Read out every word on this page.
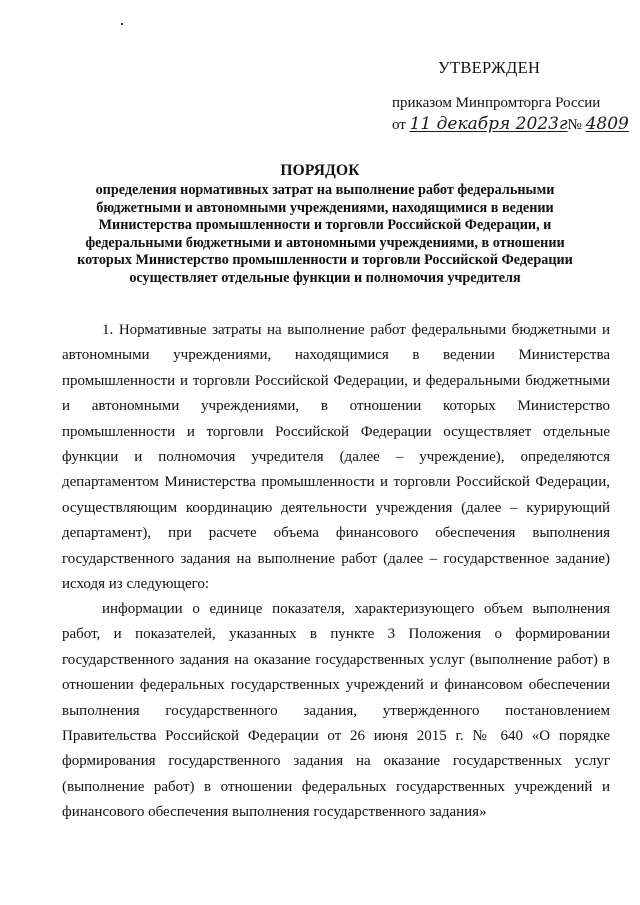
УТВЕРЖДЕН
приказом Минпромторга России
от 11 декабря 2023г№ 4809
ПОРЯДОК
определения нормативных затрат на выполнение работ федеральными бюджетными и автономными учреждениями, находящимися в ведении Министерства промышленности и торговли Российской Федерации, и федеральными бюджетными и автономными учреждениями, в отношении которых Министерство промышленности и торговли Российской Федерации осуществляет отдельные функции и полномочия учредителя
1. Нормативные затраты на выполнение работ федеральными бюджетными и автономными учреждениями, находящимися в ведении Министерства промышленности и торговли Российской Федерации, и федеральными бюджетными и автономными учреждениями, в отношении которых Министерство промышленности и торговли Российской Федерации осуществляет отдельные функции и полномочия учредителя (далее – учреждение), определяются департаментом Министерства промышленности и торговли Российской Федерации, осуществляющим координацию деятельности учреждения (далее – курирующий департамент), при расчете объема финансового обеспечения выполнения государственного задания на выполнение работ (далее – государственное задание) исходя из следующего:
информации о единице показателя, характеризующего объем выполнения работ, и показателей, указанных в пункте 3 Положения о формировании государственного задания на оказание государственных услуг (выполнение работ) в отношении федеральных государственных учреждений и финансовом обеспечении выполнения государственного задания, утвержденного постановлением Правительства Российской Федерации от 26 июня 2015 г. № 640 «О порядке формирования государственного задания на оказание государственных услуг (выполнение работ) в отношении федеральных государственных учреждений и финансового обеспечения выполнения государственного задания»
